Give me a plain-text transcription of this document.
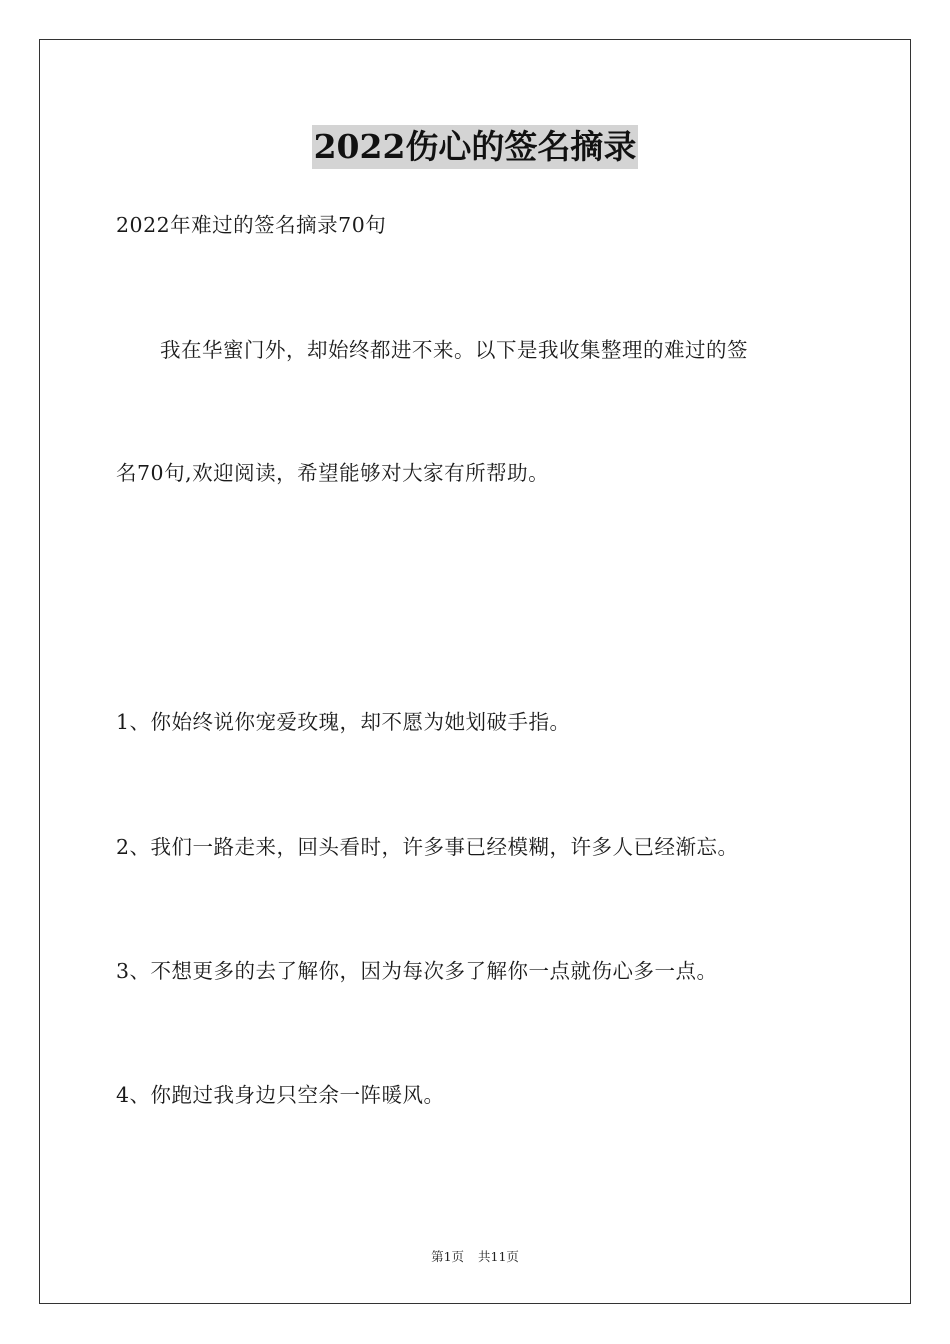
2022伤心的签名摘录
2022年难过的签名摘录70句
我在华蜜门外，却始终都进不来。以下是我收集整理的难过的签
名70句,欢迎阅读，希望能够对大家有所帮助。
1、你始终说你宠爱玫瑰，却不愿为她划破手指。
2、我们一路走来，回头看时，许多事已经模糊，许多人已经渐忘。
3、不想更多的去了解你，因为每次多了解你一点就伤心多一点。
4、你跑过我身边只空余一阵暖风。
第1页 共11页
